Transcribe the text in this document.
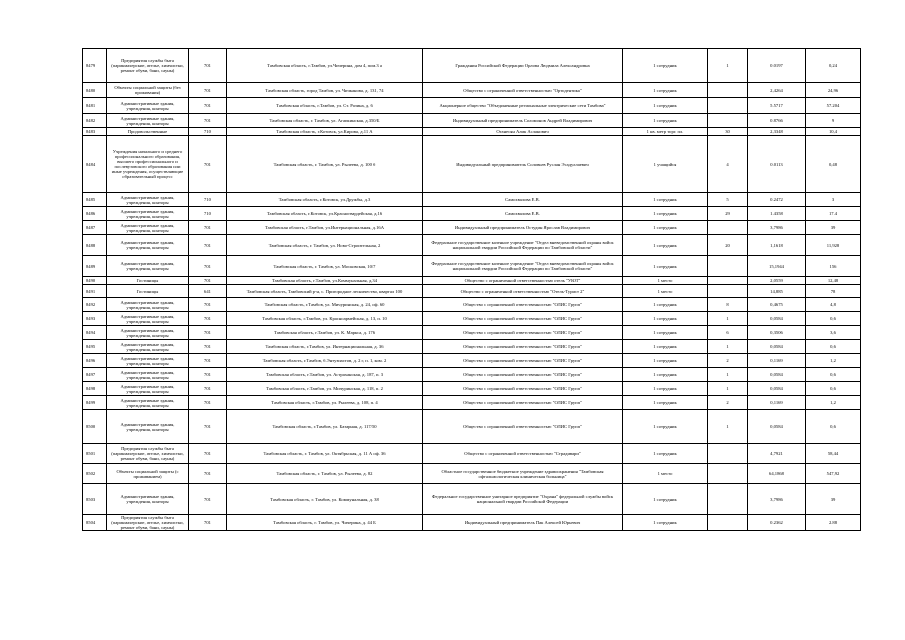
8479	Предприятия службы быта (парикмахерские, ателье, химчистки, ремонт обуви, бани, сауны)	701	Тамбовская область, г.Тамбов, ул.Чичерина, дом 4, пом.3 а	Гражданин Российской Федерации Орлова Людмила Александровна	1 сотрудник	1	0.0197	0,24
8480	Объекты социальной защиты (без проживания)	701	Тамбовская область, город Тамбов, ул. Чичканова, д. 131, 74	Общество с ограниченной ответственностью "Ортодентика"	1 сотрудник		2,4264	24,96
8481	Административные здания, учреждения, конторы	701	Тамбовская область, г.Тамбов, ул. Ст. Разина, д. 6	Акционерное общество "Объединенные региональные электрические сети Тамбова"	1 сотрудник		5.5717	57.204
8482	Административные здания, учреждения, конторы	701	Тамбовская область, г. Тамбов, ул. Агапкинская, д.350/Б	Индивидуальный предприниматель Соломонов Андрей Владимирович	1 сотрудник		0.8766	9
8483	Продовольственные	710	Тамбовская область, г.Котовск, ул.Кирова, д.11 А	Оганесян Алик Асланович	1 кв. метр торг. пл.	30	2,3348	10,4
8484	Учреждения начального и среднего профессионального образования, высшего профессионального и послевузовского образования или иные учреждения, осуществляющие образовательный процесс	701	Тамбовская область, г. Тамбов, ул. Рылеева, д. 100 б	Индивидуальный предприниматель Соловьев Руслан Эсадуллаевич	1 учащийся	4	0.0113	0,48
8485	Административные здания, учреждения, конторы	710	Тамбовская область, г.Котовск, ул.Дружбы, д.3	Самохвалова Е.В.	1 сотрудник	5	0.2472	3
8486	Административные здания, учреждения, конторы	710	Тамбовская область, г.Котовск, ул.Красногвардейская, д.16	Самохвалова Е.В.	1 сотрудник	29	1.4358	17.4
8487	Административные здания, учреждения, конторы	701	Тамбовская область, г.Тамбов, ул.Интернациональная, д.16А	Индивидуальный предприниматель Остудин Ярослав Владимирович	1 сотрудник		3,7986	39
8488	Административные здания, учреждения, конторы	701	Тамбовская область, г. Тамбов, ул. Ново-Строительная, 2	Федеральное государственное казенное учреждение "Отдел вневедомственной охраны войск национальной гвардии Российской Федерации по Тамбовской области"	1 сотрудник	20	1,1618	11,928
8489	Административные здания, учреждения, конторы	701	Тамбовская область, г. Тамбов, ул. Московская, 10/7	Федеральное государственное казенное учреждение "Отдел вневедомственной охраны войск национальной гвардии Российской Федерации по Тамбовской области"	1 сотрудник		15,1944	156
8490	Гостиницы	701	Тамбовская область, г.Тамбов, ул.Коммунальная, д.34	Общество с ограниченной ответственностью отель "УЮТ"	1 место		2,0559	12,48
8491	Гостиницы	641	Тамбовская область, Тамбовский р-н, с. Пригородное лесничество, квартал 100	Общество с ограниченной ответственностью "Отель-Турист 2"	1 место		14,885	78
8492	Административные здания, учреждения, конторы	701	Тамбовская область, г.Тамбов, ул. Мичуринская, д. 24, оф. 60	Общество с ограниченной ответственностью "ОЛИС Групп"	1 сотрудник	8	0,4675	4,8
8493	Административные здания, учреждения, конторы	701	Тамбовская область, г.Тамбов, ул. Красноармейская, д. 13, п. 10	Общество с ограниченной ответственностью "ОЛИС Групп"	1 сотрудник	1	0,0584	0,6
8494	Административные здания, учреждения, конторы	701	Тамбовская область, г.Тамбов, ул. К. Маркса, д. 176	Общество с ограниченной ответственностью "ОЛИС Групп"	1 сотрудник	6	0,3506	3,6
8495	Административные здания, учреждения, конторы	701	Тамбовская область, г.Тамбов, ул. Интернациональная, д. 36	Общество с ограниченной ответственностью "ОЛИС Групп"	1 сотрудник	1	0,0584	0,6
8496	Административные здания, учреждения, конторы	701	Тамбовская область, г.Тамбов, б.Энтузиастов, д. 2 г, п. 1, ком. 2	Общество с ограниченной ответственностью "ОЛИС Групп"	1 сотрудник	2	0,1169	1,2
8497	Административные здания, учреждения, конторы	701	Тамбовская область, г.Тамбов, ул. Астраханская, д. 187, п. 3	Общество с ограниченной ответственностью "ОЛИС Групп"	1 сотрудник	1	0,0584	0,6
8498	Административные здания, учреждения, конторы	701	Тамбовская область, г.Тамбов, ул. Мичуринская, д. 118, п. 2	Общество с ограниченной ответственностью "ОЛИС Групп"	1 сотрудник	1	0,0584	0,6
8499	Административные здания, учреждения, конторы	701	Тамбовская область, г.Тамбов, ул. Рылеева, д. 108, п. 4	Общество с ограниченной ответственностью "ОЛИС Групп"	1 сотрудник	2	0,1169	1,2
8500	Административные здания, учреждения, конторы	701	Тамбовская область, г.Тамбов, ул. Базарная, д. 117/50	Общество с ограниченной ответственностью "ОЛИС Групп"	1 сотрудник	1	0,0584	0,6
8501	Предприятия службы быта (парикмахерские, ателье, химчистки, ремонт обуви, бани, сауны)	701	Тамбовская область, г. Тамбов, ул. Октябрьская, д. 11 А оф. 36	Общество с ограниченной ответственностью "Страдивари"	1 сотрудник		4,7921	58,44
8502	Объекты социальной защиты (с проживанием)	701	Тамбовская область, г. Тамбов, ул. Рылеева, д. 82	Областное государственное бюджетное учреждение здравоохранения "Тамбовская офтальмологическая клиническая больница"	1 место		64,1868	547,92
8503	Административные здания, учреждения, конторы	701	Тамбовская область, г. Тамбов, ул. Коммунальная, д. 38	Федеральное государственное унитарное предприятие "Охрана" федеральной службы войск национальной гвардии Российской Федерации	1 сотрудник		3,7986	39
8504	Предприятия службы быта (парикмахерские, ателье, химчистки, ремонт обуви, бани, сауны)	701	Тамбовская область, г. Тамбов, ул. Чичерина, д. 44 Б	Индивидуальный предприниматель Пак Алексей Юрьевич	1 сотрудник		0.2362	2.88
